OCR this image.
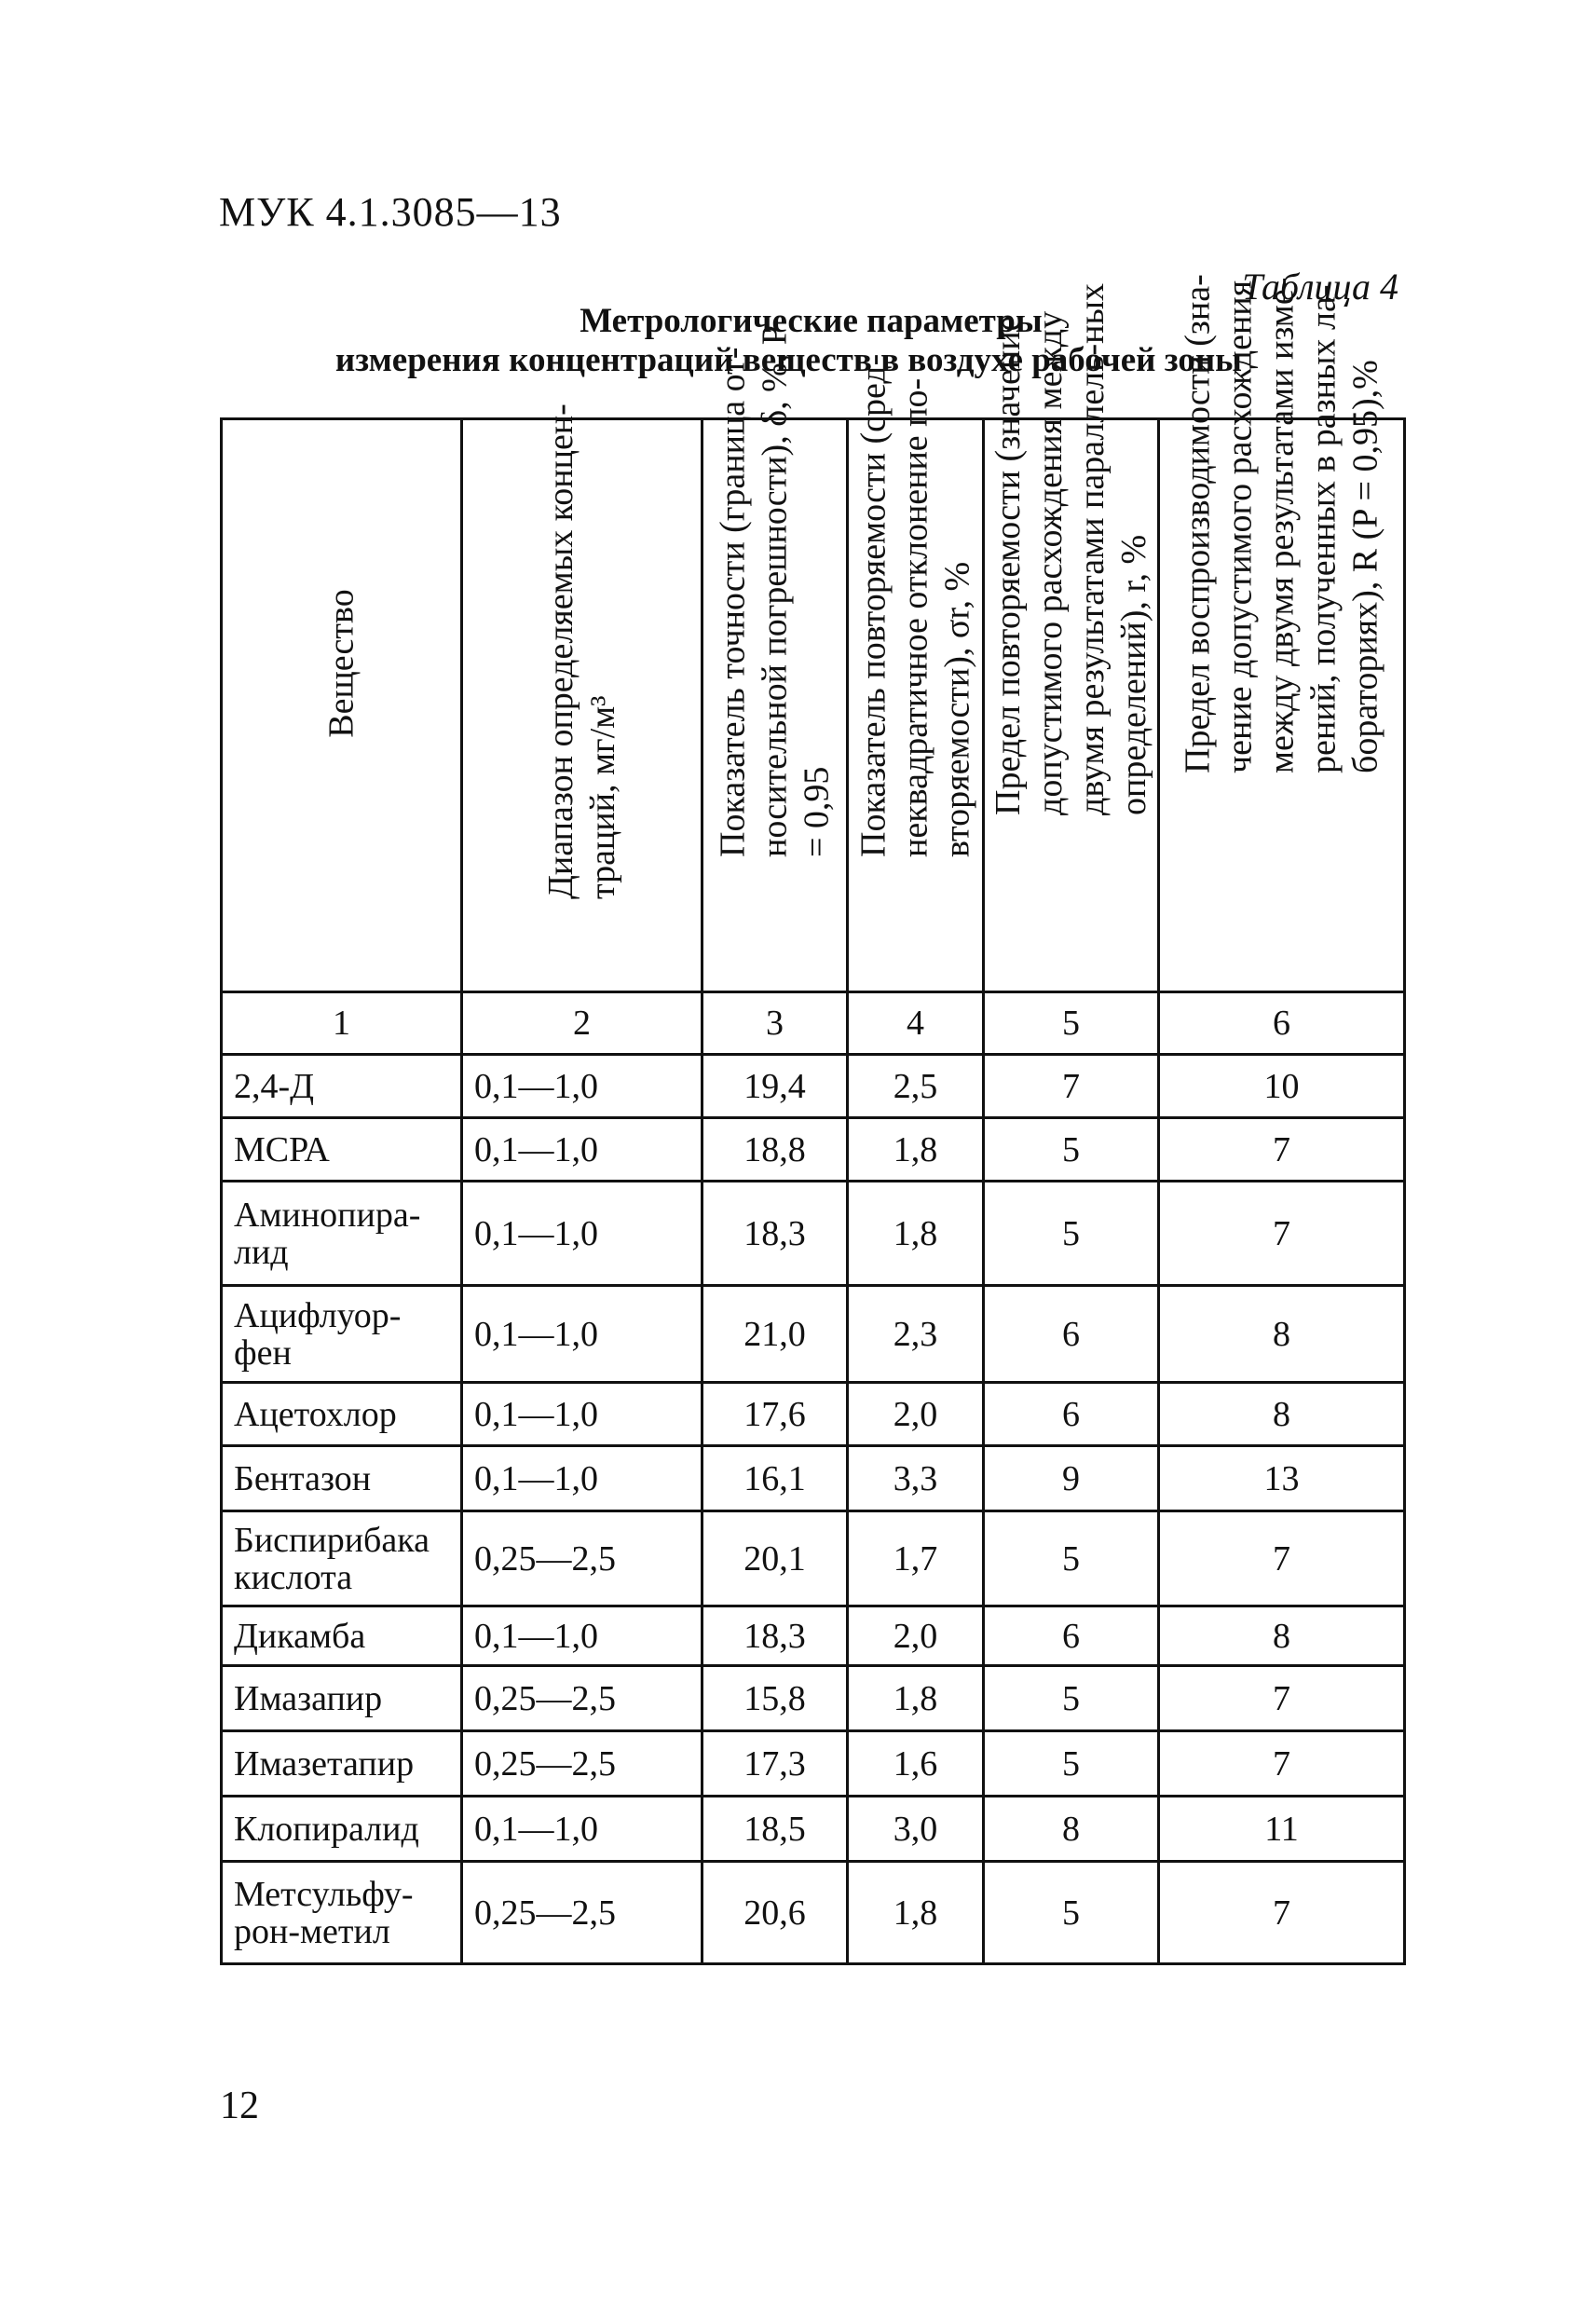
МУК 4.1.3085—13
Таблица 4
Метрологические параметры
измерения концентраций веществ в воздухе рабочей зоны
Вещество	Диапазон определяемых концен-траций, мг/м³	Показатель точности (граница от-носительной погрешности), δ, %, P = 0,95	Показатель повторяемости (сред-неквадратичное отклонение по-вторяемости), σr, %	Предел повторяемости (значение допустимого расхождения между двумя результатами параллель-ных определений), r, %	Предел воспроизводимости (зна-чение допустимого расхождения между двумя результатами изме-рений, полученных в разных ла-бораториях), R (P = 0,95),%

1	2	3	4	5	6
2,4-Д	0,1—1,0	19,4	2,5	7	10
МСРА	0,1—1,0	18,8	1,8	5	7
Аминопира-
лид	0,1—1,0	18,3	1,8	5	7
Ацифлуор-
фен	0,1—1,0	21,0	2,3	6	8
Ацетохлор	0,1—1,0	17,6	2,0	6	8
Бентазон	0,1—1,0	16,1	3,3	9	13
Биспирибака
кислота	0,25—2,5	20,1	1,7	5	7
Дикамба	0,1—1,0	18,3	2,0	6	8
Имазапир	0,25—2,5	15,8	1,8	5	7
Имазетапир	0,25—2,5	17,3	1,6	5	7
Клопиралид	0,1—1,0	18,5	3,0	8	11
Метсульфу-
рон-метил	0,25—2,5	20,6	1,8	5	7
12
